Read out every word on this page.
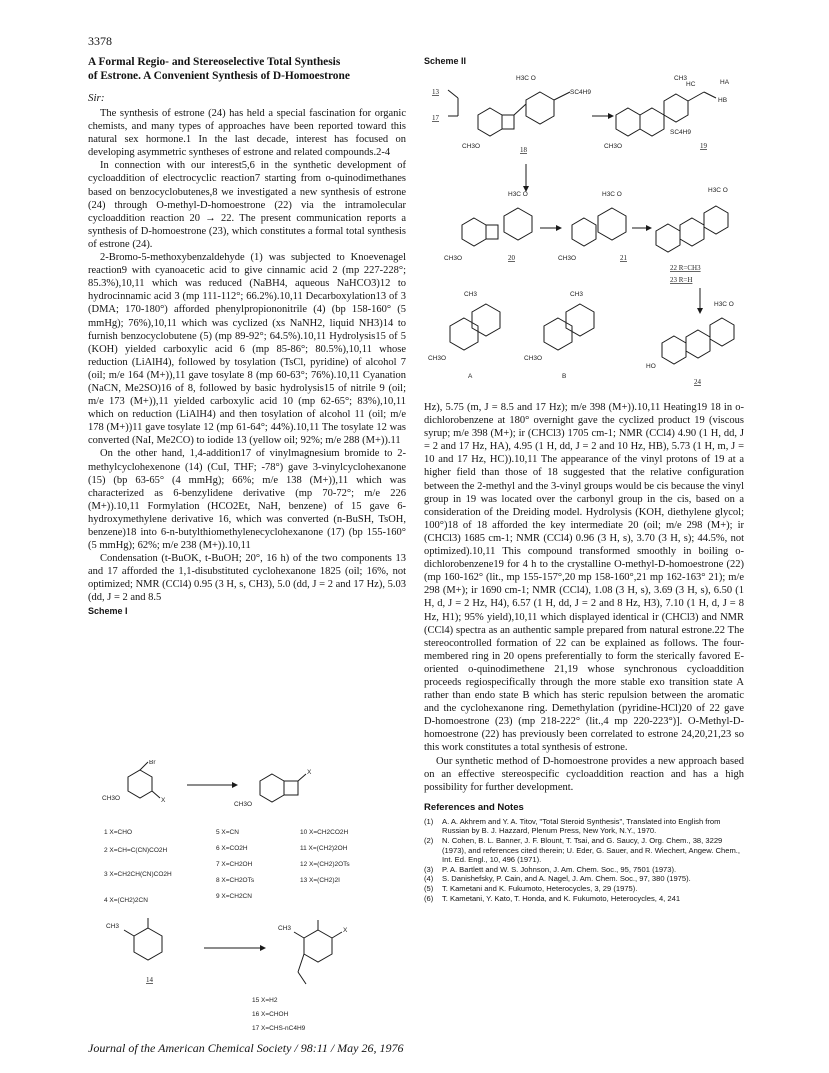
3378
A Formal Regio- and Stereoselective Total Synthesis
of Estrone. A Convenient Synthesis of D-Homoestrone
Sir:

The synthesis of estrone (24) has held a special fascination for organic chemists, and many types of approaches have been reported toward this natural sex hormone.1 In the last decade, interest has focused on developing asymmetric syntheses of estrone and related compounds.2-4

In connection with our interest5,6 in the synthetic development of cycloaddition of electrocyclic reaction7 starting from o-quinodimethanes based on benzocyclobutenes,8 we investigated a new synthesis of estrone (24) through O-methyl-D-homoestrone (22) via the intramolecular cycloaddition reaction 20 → 22. The present communication reports a synthesis of D-homoestrone (23), which constitutes a formal total synthesis of estrone (24).

2-Bromo-5-methoxybenzaldehyde (1) was subjected to Knoevenagel reaction9 with cyanoacetic acid to give cinnamic acid 2 (mp 227-228°; 85.3%),10,11 which was reduced (NaBH4, aqueous NaHCO3)12 to hydrocinnamic acid 3 (mp 111-112°; 66.2%).10,11 Decarboxylation13 of 3 (DMA; 170-180°) afforded phenylpropiononitrile (4) (bp 158-160° (5 mmHg); 76%),10,11 which was cyclized (xs NaNH2, liquid NH3)14 to furnish benzocyclobutene (5) (mp 89-92°; 64.5%).10,11 Hydrolysis15 of 5 (KOH) yielded carboxylic acid 6 (mp 85-86°; 80.5%),10,11 whose reduction (LiAlH4), followed by tosylation (TsCl, pyridine) of alcohol 7 (oil; m/e 164 (M+)),11 gave tosylate 8 (mp 60-63°; 76%).10,11 Cyanation (NaCN, Me2SO)16 of 8, followed by basic hydrolysis15 of nitrile 9 (oil; m/e 173 (M+)),11 yielded carboxylic acid 10 (mp 62-65°; 83%),10,11 which on reduction (LiAlH4) and then tosylation of alcohol 11 (oil; m/e 178 (M+))11 gave tosylate 12 (mp 61-64°; 44%).10,11 The tosylate 12 was converted (NaI, Me2CO) to iodide 13 (yellow oil; 92%; m/e 288 (M+)).11

On the other hand, 1,4-addition17 of vinylmagnesium bromide to 2-methylcyclohexenone (14) (CuI, THF; -78°) gave 3-vinylcyclohexanone (15) (bp 63-65° (4 mmHg); 66%; m/e 138 (M+)),11 which was characterized as 6-benzylidene derivative (mp 70-72°; m/e 226 (M+)).10,11 Formylation (HCO2Et, NaH, benzene) of 15 gave 6-hydroxymethylene derivative 16, which was converted (n-BuSH, TsOH, benzene)18 into 6-n-butylthiomethylenecyclohexanone (17) (bp 155-160° (5 mmHg); 62%; m/e 238 (M+)).10,11

Condensation (t-BuOK, t-BuOH; 20°, 16 h) of the two components 13 and 17 afforded the 1,1-disubstituted cyclohexanone 1825 (oil; 16%, not optimized; NMR (CCl4) 0.95 (3 H, s, CH3), 5.0 (dd, J = 2 and 17 Hz), 5.03 (dd, J = 2 and 8.5

Scheme I
Br
X
CH3O
X
CH3O
1 X=CHO
2 X=CH=C(CN)CO2H
3 X=CH2CH(CN)CO2H
4 X=(CH2)2CN
5 X=CN
6 X=CO2H
7 X=CH2OH
8 X=CH2OTs
9 X=CH2CN
10 X=CH2CO2H
11 X=(CH2)2OH
12 X=(CH2)2OTs
13 X=(CH2)2I
CH3
14
X
CH3
15 X=H2
16 X=CHOH
17 X=CHS-nC4H9
Scheme II

Hz), 5.75 (m, J = 8.5 and 17 Hz); m/e 398 (M+)).10,11 Heating19 18 in o-dichlorobenzene at 180° overnight gave the cyclized product 19 (viscous syrup; m/e 398 (M+); ir (CHCl3) 1705 cm-1; NMR (CCl4) 4.90 (1 H, dd, J = 2 and 17 Hz, HA), 4.95 (1 H, dd, J = 2 and 10 Hz, HB), 5.73 (1 H, m, J = 10 and 17 Hz, HC)).10,11 The appearance of the vinyl protons of 19 at a higher field than those of 18 suggested that the relative configuration between the 2-methyl and the 3-vinyl groups would be cis because the vinyl group in 19 was located over the carbonyl group in the cis, based on a consideration of the Dreiding model. Hydrolysis (KOH, diethylene glycol; 100°)18 of 18 afforded the key intermediate 20 (oil; m/e 298 (M+); ir (CHCl3) 1685 cm-1; NMR (CCl4) 0.96 (3 H, s), 3.70 (3 H, s); 44.5%, not optimized).10,11 This compound transformed smoothly in boiling o-dichlorobenzene19 for 4 h to the crystalline O-methyl-D-homoestrone (22) (mp 160-162° (lit., mp 155-157°,20 mp 158-160°,21 mp 162-163° 21); m/e 298 (M+); ir 1690 cm-1; NMR (CCl4), 1.08 (3 H, s), 3.69 (3 H, s), 6.50 (1 H, d, J = 2 Hz, H4), 6.57 (1 H, dd, J = 2 and 8 Hz, H3), 7.10 (1 H, d, J = 8 Hz, H1); 95% yield),10,11 which displayed identical ir (CHCl3) and NMR (CCl4) spectra as an authentic sample prepared from natural estrone.22 The stereocontrolled formation of 22 can be explained as follows. The four-membered ring in 20 opens preferentially to form the sterically favored E-oriented o-quinodimethene 21,19 whose synchronous cycloaddition proceeds regiospecifically through the more stable exo transition state A rather than endo state B which has steric repulsion between the aromatic and the cyclohexanone ring. Demethylation (pyridine-HCl)20 of 22 gave D-homoestrone (23) (mp 218-222° (lit.,4 mp 220-223°)]. O-Methyl-D-homoestrone (22) has previously been correlated to estrone 24,20,21,23 so this work constitutes a total synthesis of estrone.

Our synthetic method of D-homoestrone provides a new approach based on an effective stereospecific cycloaddition reaction and has a high possibility for further development.

References and Notes
(1)	A. A. Akhrem and Y. A. Titov, "Total Steroid Synthesis", Translated into English from Russian by B. J. Hazzard, Plenum Press, New York, N.Y., 1970.
(2)	N. Cohen, B. L. Banner, J. F. Blount, T. Tsai, and G. Saucy, J. Org. Chem., 38, 3229 (1973), and references cited therein; U. Eder, G. Sauer, and R. Wiechert, Angew. Chem., Int. Ed. Engl., 10, 496 (1971).
(3)	P. A. Bartlett and W. S. Johnson, J. Am. Chem. Soc., 95, 7501 (1973).
(4)	S. Danishefsky, P. Cain, and A. Nagel, J. Am. Chem. Soc., 97, 380 (1975).
(5)	T. Kametani and K. Fukumoto, Heterocycles, 3, 29 (1975).
(6)	T. Kametani, Y. Kato, T. Honda, and K. Fukumoto, Heterocycles, 4, 241
13
17
CH3O
H3C O
SC4H9
18
CH3
HC	HA
HB
SC4H9
CH3O	19
H3C O
CH3O	20
H3C O
CH3O	21
H3C O
22 R=CH3
23 R=H
CH3
CH3O
A
CH3
CH3O
B
H3C O
HO
24
Journal of the American Chemical Society / 98:11 / May 26, 1976
